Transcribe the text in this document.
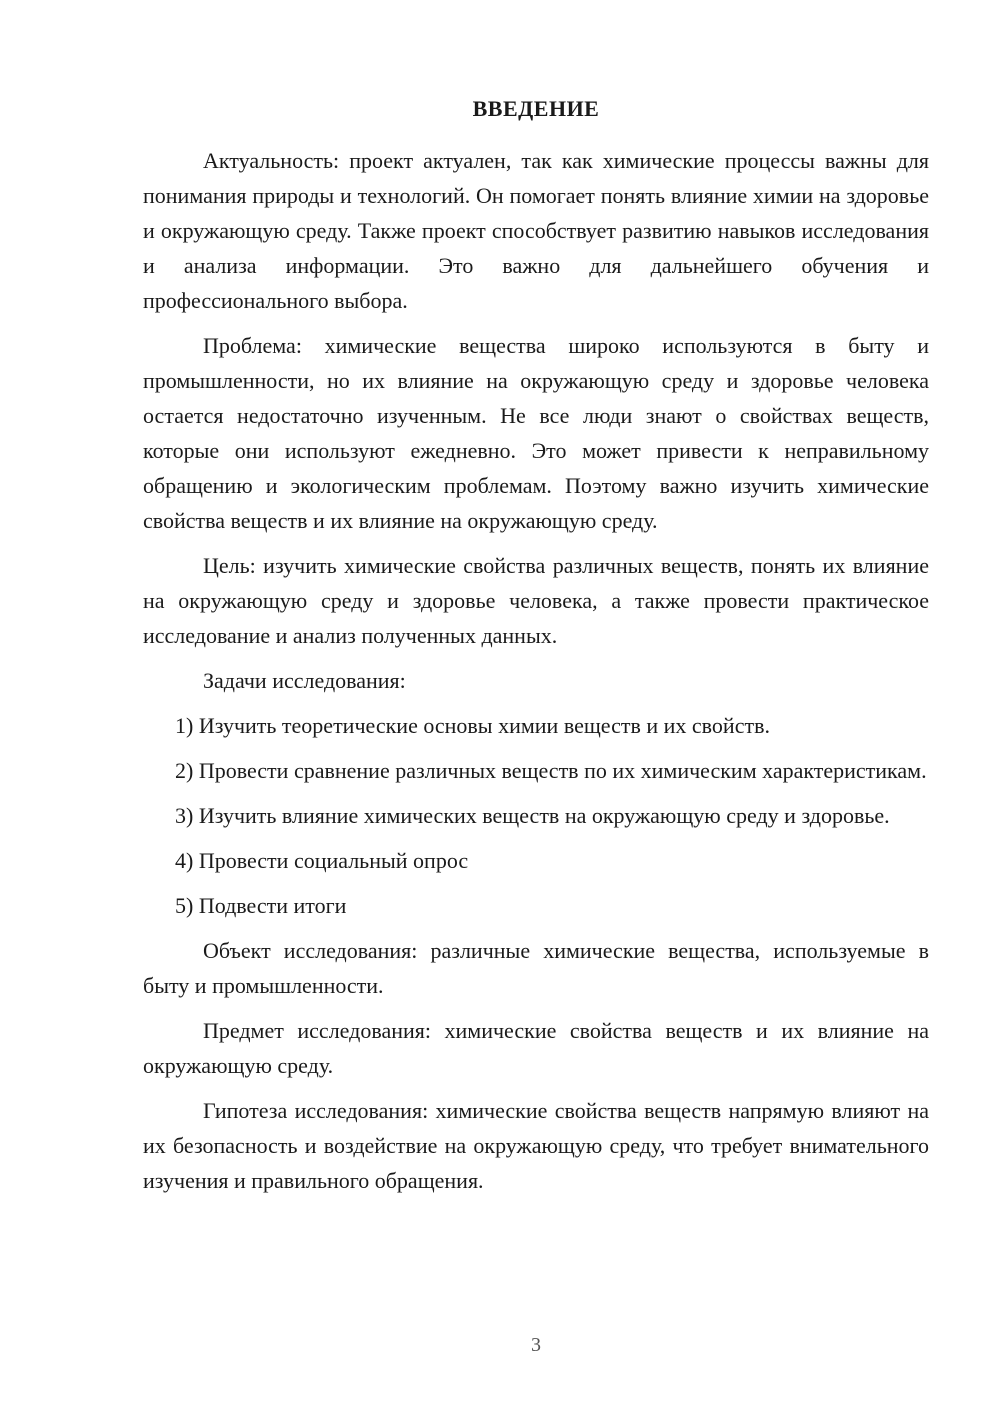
ВВЕДЕНИЕ

Актуальность: проект актуален, так как химические процессы важны для понимания природы и технологий. Он помогает понять влияние химии на здоровье и окружающую среду. Также проект способствует развитию навыков исследования и анализа информации. Это важно для дальнейшего обучения и профессионального выбора.

Проблема: химические вещества широко используются в быту и промышленности, но их влияние на окружающую среду и здоровье человека остается недостаточно изученным. Не все люди знают о свойствах веществ, которые они используют ежедневно. Это может привести к неправильному обращению и экологическим проблемам. Поэтому важно изучить химические свойства веществ и их влияние на окружающую среду.

Цель: изучить химические свойства различных веществ, понять их влияние на окружающую среду и здоровье человека, а также провести практическое исследование и анализ полученных данных.

Задачи исследования:

1) Изучить теоретические основы химии веществ и их свойств.

2) Провести сравнение различных веществ по их химическим характеристикам.

3) Изучить влияние химических веществ на окружающую среду и здоровье.

4) Провести социальный опрос

5) Подвести итоги

Объект исследования: различные химические вещества, используемые в быту и промышленности.

Предмет исследования: химические свойства веществ и их влияние на окружающую среду.

Гипотеза исследования: химические свойства веществ напрямую влияют на их безопасность и воздействие на окружающую среду, что требует внимательного изучения и правильного обращения.

3
